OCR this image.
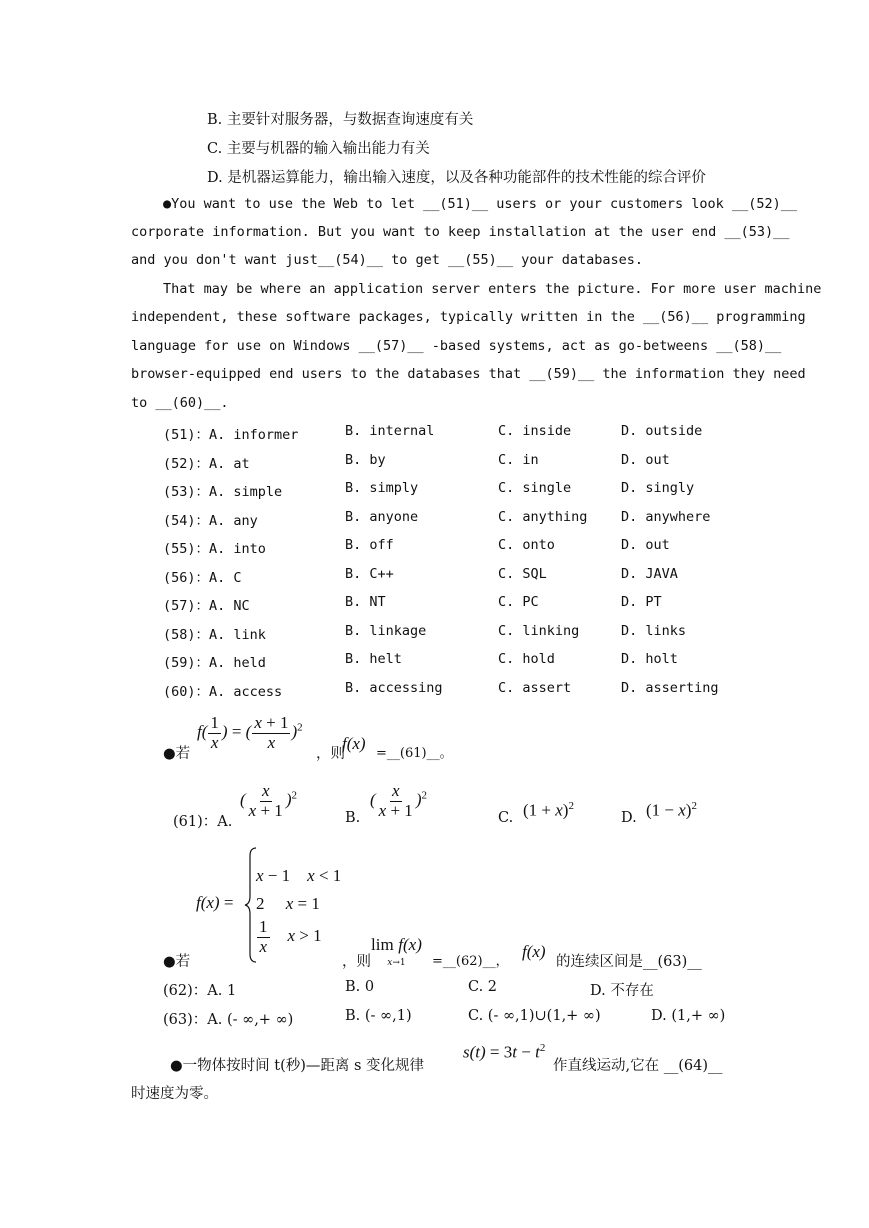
B. 主要针对服务器，与数据查询速度有关
C. 主要与机器的输入输出能力有关
D. 是机器运算能力，输出输入速度，以及各种功能部件的技术性能的综合评价
●You want to use the Web to let __(51)__ users or your customers look __(52)__
corporate information. But you want to keep installation at the user end __(53)__
and you don't want just__(54)__ to get __(55)__ your databases.
That may be where an application server enters the picture. For more user machine
independent, these software packages, typically written in the __(56)__ programming
language for use on Windows __(57)__ -based systems, act as go-betweens __(58)__
browser-equipped end users to the databases that __(59)__ the information they need
to __(60)__.
(51)：A. informer	B. internal	C. inside	D. outside
(52)：A. at	B. by	C. in	D. out
(53)：A. simple	B. simply	C. single	D. singly
(54)：A. any	B. anyone	C. anything D. anywhere
(55)：A. into	B. off	C. onto	D. out
(56)：A. C	B. C++	C. SQL	D. JAVA
(57)：A. NC	B. NT	C. PC	D. PT
(58)：A. link	B. linkage	C. linking	D. links
(59)：A. held	B. helt	C. hold	D. holt
(60)：A. access	B. accessing	C. assert	D. asserting
●若
$f( \frac{1}{x}$ ) = ( $\frac{x + 1}{x} )^2$
，则
f(x)
=__(61)__。
(61)：A.
( $\frac{x}{x + 1} )^2$
B.
( $\frac{x}{x + 1} )^2$
C. $(1 + x)^2$
D. $(1 - x)^2$
f(x) =
x − 1    x < 1
2     x = 1
$\frac{1}{x}$ x > 1
●若	，则
lim f(x)
x→1	=__(62)__，
f(x)
的连续区间是__(63)__
(62)：A. 1	B. 0	C. 2	D. 不存在
(63)：A. (- ∞,+ ∞)	B. (- ∞,1)	C. (- ∞,1)∪(1,+ ∞)	D. (1,+ ∞)
●一物体按时间 t(秒)—距离 s 变化规律
$s(t) = 3t - t^2$
作直线运动,它在 __(64)__
时速度为零。
